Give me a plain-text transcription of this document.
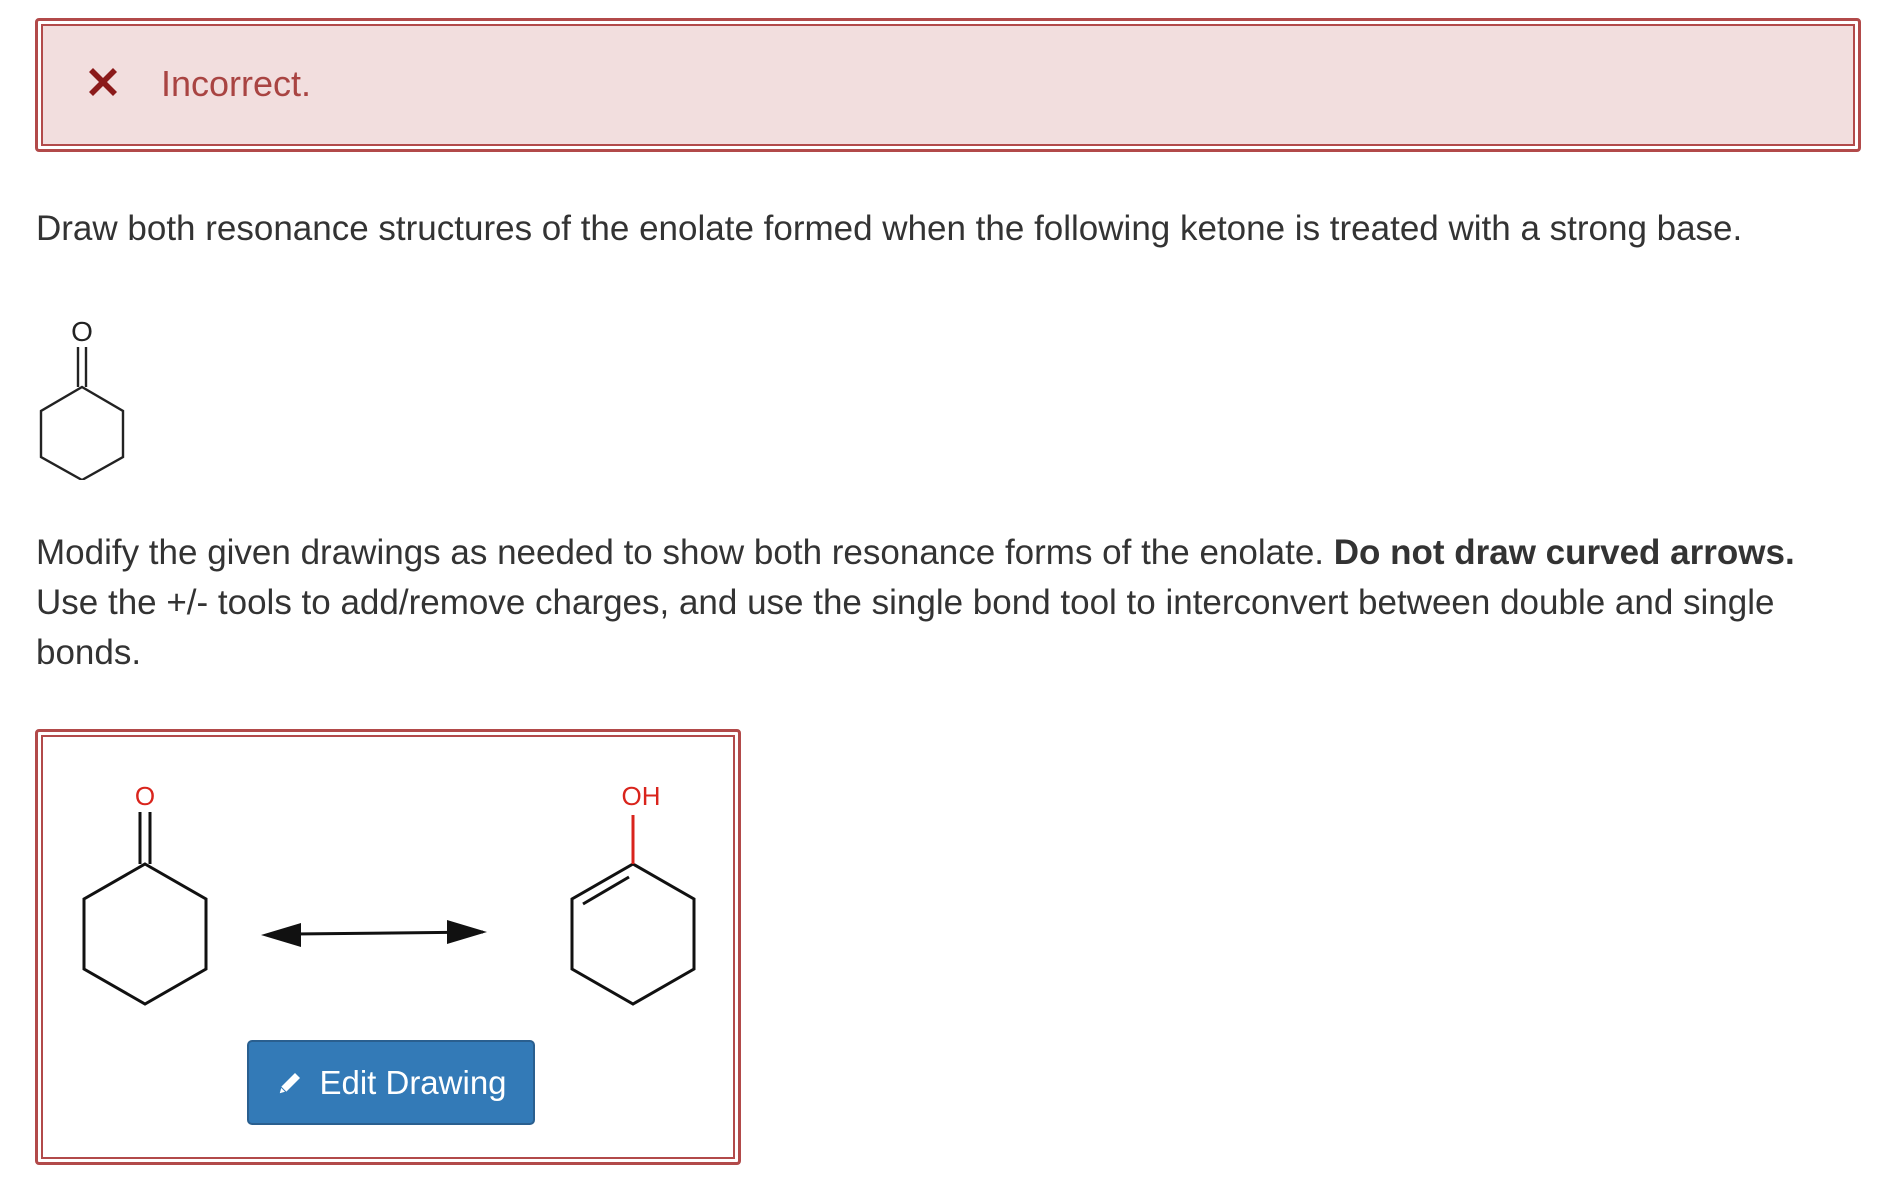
Incorrect.
Draw both resonance structures of the enolate formed when the following ketone is treated with a strong base.
O
Modify the given drawings as needed to show both resonance forms of the enolate. Do not draw curved arrows. Use the +/- tools to add/remove charges, and use the single bond tool to interconvert between double and single bonds.
O	OH
Edit Drawing
